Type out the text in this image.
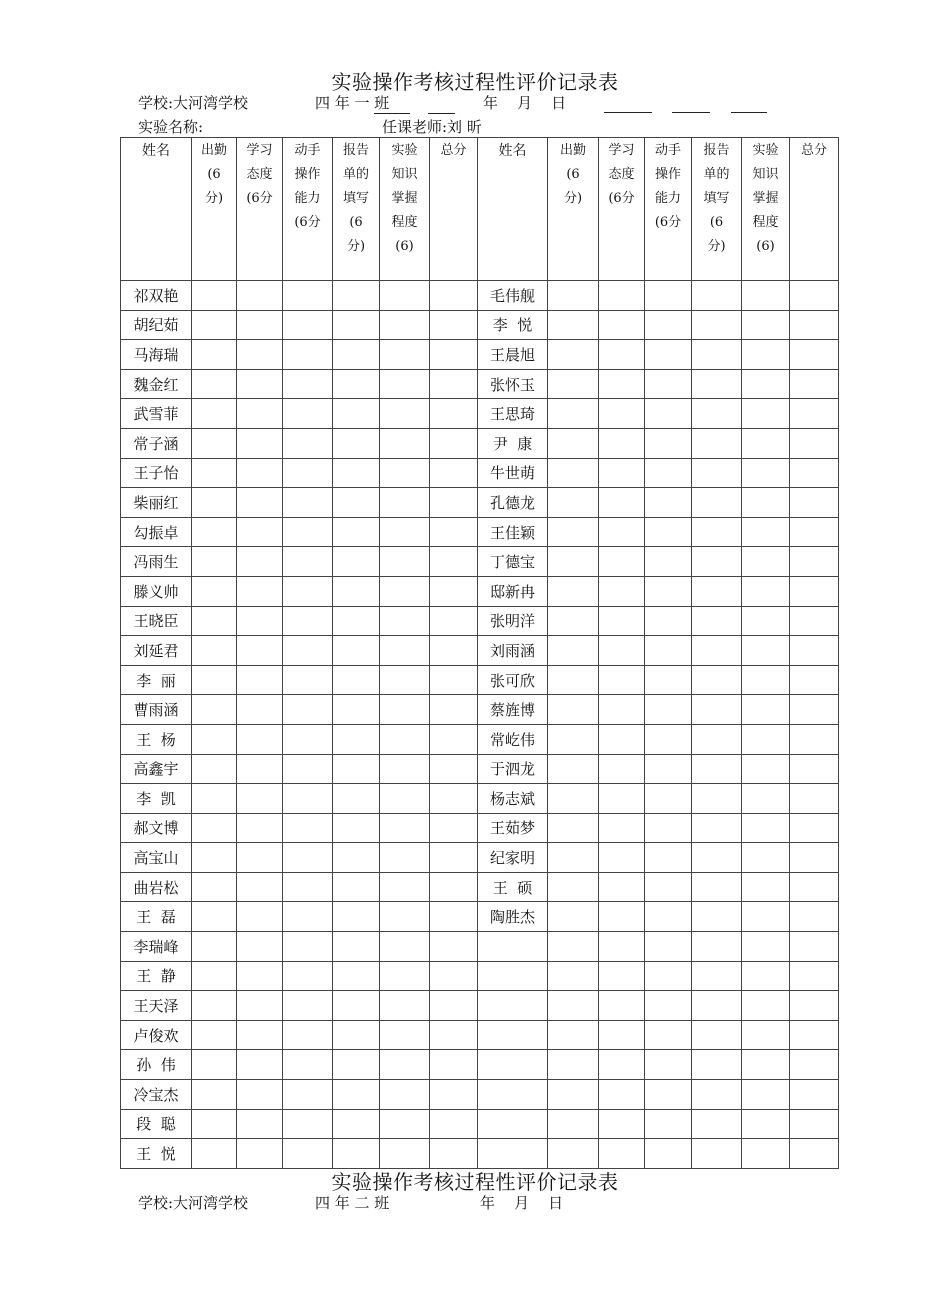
实验操作考核过程性评价记录表
学校:大河湾学校	四 年 一 班	年    月    日
实验名称:	任课老师:刘 昕
姓名	出勤(6分)	学习态度(6分	动手操作能力(6分	报告单的填写(6分)	实验知识掌握程度(6)	总分	姓名	出勤(6分)	学习态度(6分	动手操作能力(6分	报告单的填写(6分)	实验知识掌握程度(6)	总分
祁双艳							毛伟舰						
胡纪茹							李  悦						
马海瑞							王晨旭						
魏金红							张怀玉						
武雪菲							王思琦						
常子涵							尹  康						
王子怡							牛世萌						
柴丽红							孔德龙						
勾振卓							王佳颖						
冯雨生							丁德宝						
滕义帅							邸新冉						
王晓臣							张明洋						
刘延君							刘雨涵						
李  丽							张可欣						
曹雨涵							蔡旌博						
王  杨							常屹伟						
高鑫宇							于泗龙						
李  凯							杨志斌						
郝文博							王茹梦						
高宝山							纪家明						
曲岩松							王  硕						
王  磊							陶胜杰						
李瑞峰													
王  静													
王天泽													
卢俊欢													
孙  伟													
冷宝杰													
段  聪													
王  悦													
实验操作考核过程性评价记录表
学校:大河湾学校	四 年 二 班	年    月    日
